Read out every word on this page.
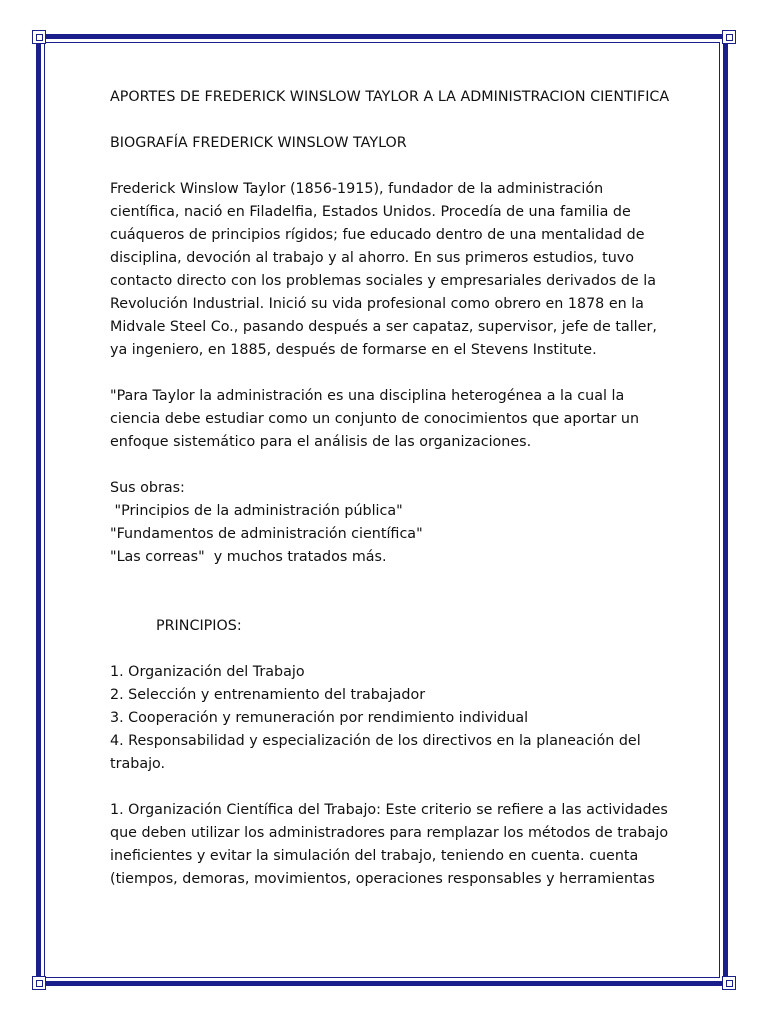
APORTES DE FREDERICK WINSLOW TAYLOR A LA ADMINISTRACION CIENTIFICA

BIOGRAFÍA FREDERICK WINSLOW TAYLOR

Frederick Winslow Taylor (1856-1915), fundador de la administración científica, nació en Filadelfia, Estados Unidos. Procedía de una familia de cuáqueros de principios rígidos; fue educado dentro de una mentalidad de disciplina, devoción al trabajo y al ahorro. En sus primeros estudios, tuvo contacto directo con los problemas sociales y empresariales derivados de la Revolución Industrial. Inició su vida profesional como obrero en 1878 en la Midvale Steel Co., pasando después a ser capataz, supervisor, jefe de taller, ya ingeniero, en 1885, después de formarse en el Stevens Institute.

"Para Taylor la administración es una disciplina heterogénea a la cual la ciencia debe estudiar como un conjunto de conocimientos que aportar un enfoque sistemático para el análisis de las organizaciones.

Sus obras:

"Principios de la administración pública"

"Fundamentos de administración científica"

"Las correas"  y muchos tratados más.

PRINCIPIOS:

1. Organización del Trabajo

2. Selección y entrenamiento del trabajador

3. Cooperación y remuneración por rendimiento individual

4. Responsabilidad y especialización de los directivos en la planeación del trabajo.

1. Organización Científica del Trabajo: Este criterio se refiere a las actividades que deben utilizar los administradores para remplazar los métodos de trabajo ineficientes y evitar la simulación del trabajo, teniendo en cuenta. cuenta (tiempos, demoras, movimientos, operaciones responsables y herramientas
